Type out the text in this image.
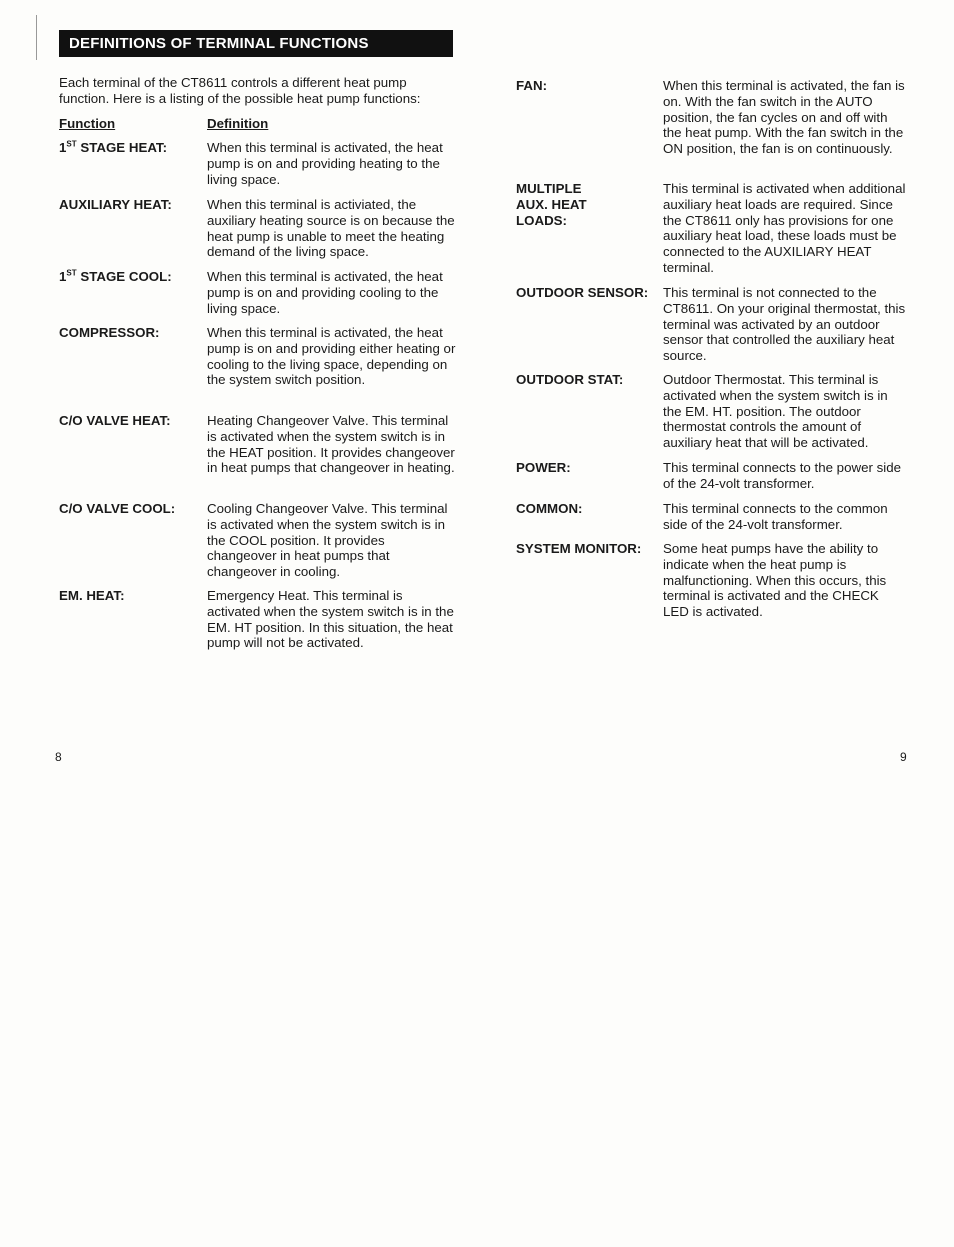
DEFINITIONS OF TERMINAL FUNCTIONS
Each terminal of the CT8611 controls a different heat pump function. Here is a listing of the possible heat pump functions:
Function	Definition
1ST STAGE HEAT:	When this terminal is activated, the heat pump is on and providing heating to the living space.
AUXILIARY HEAT:	When this terminal is activiated, the auxiliary heating source is on because the heat pump is unable to meet the heating demand of the living space.
1ST STAGE COOL:	When this terminal is activated, the heat pump is on and providing cooling to the living space.
COMPRESSOR:	When this terminal is activated, the heat pump is on and providing either heating or cooling to the living space, depending on the system switch position.
C/O VALVE HEAT:	Heating Changeover Valve. This terminal is activated when the system switch is in the HEAT position. It provides changeover in heat pumps that changeover in heating.
C/O VALVE COOL: Cooling Changeover Valve. This terminal is activated when the system switch is in the COOL position. It provides changeover in heat pumps that changeover in cooling.
EM. HEAT:	Emergency Heat. This terminal is activated when the system switch is in the EM. HT position. In this situation, the heat pump will not be activated.
FAN:	When this terminal is activated, the fan is on. With the fan switch in the AUTO position, the fan cycles on and off with the heat pump. With the fan switch in the ON position, the fan is on continuously.
MULTIPLE AUX. HEAT LOADS:
This terminal is activated when additional auxiliary heat loads are required. Since the CT8611 only has provisions for one auxiliary heat load, these loads must be connected to the AUXILIARY HEAT terminal.
OUTDOOR SENSOR:	This terminal is not connected to the CT8611. On your original thermostat, this terminal was activated by an outdoor sensor that controlled the auxiliary heat source.
OUTDOOR STAT:	Outdoor Thermostat. This terminal is activated when the system switch is in the EM. HT. position. The outdoor thermostat controls the amount of auxiliary heat that will be activated.
POWER:	This terminal connects to the power side of the 24-volt transformer.
COMMON:	This terminal connects to the common side of the 24-volt transformer.
SYSTEM MONITOR:	Some heat pumps have the ability to indicate when the heat pump is malfunctioning. When this occurs, this terminal is activated and the CHECK LED is activated.
8	9
